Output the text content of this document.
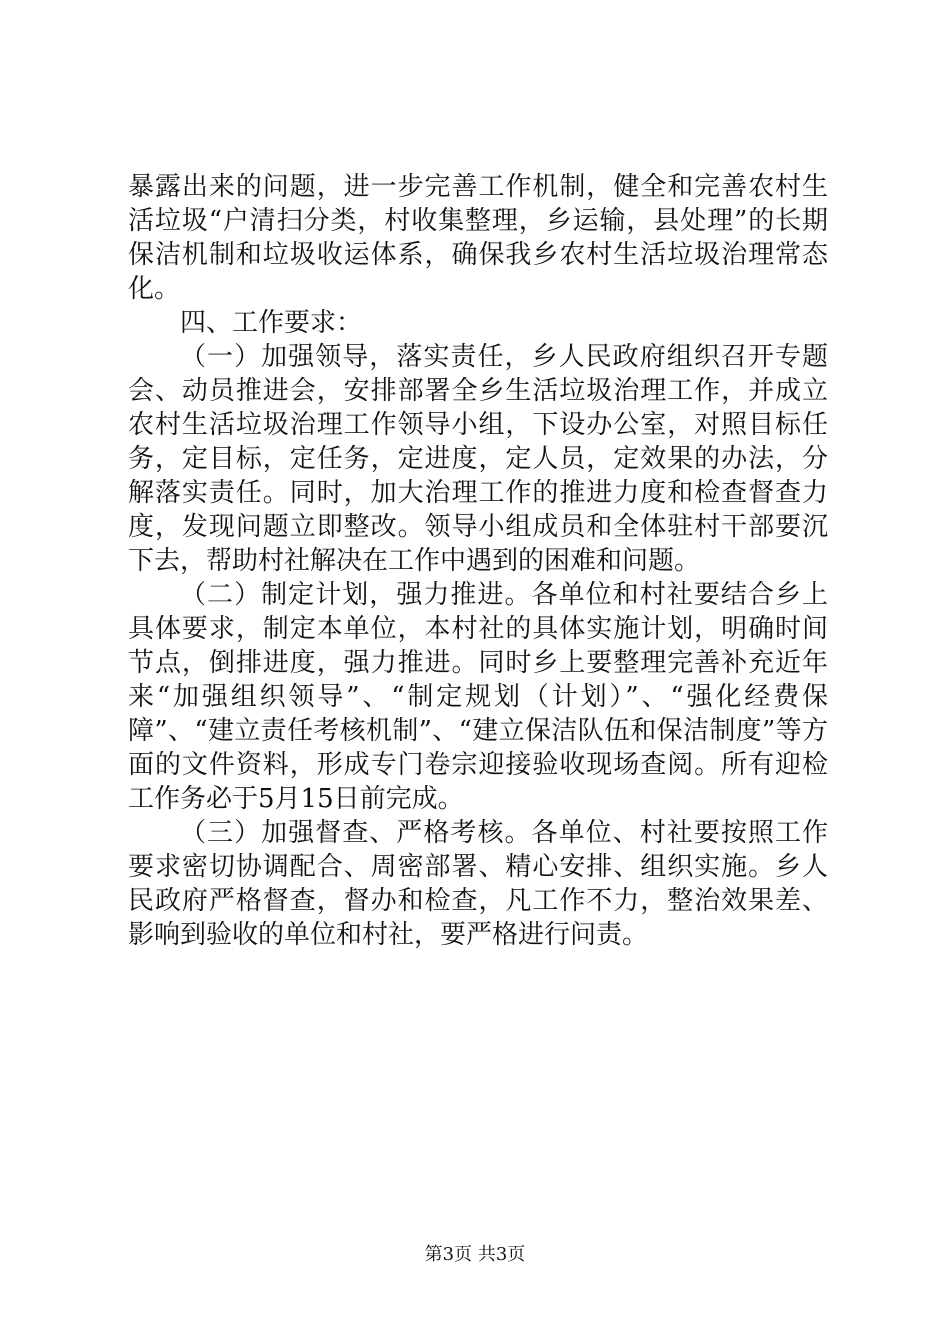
暴露出来的问题，进一步完善工作机制，健全和完善农村生活垃圾“户清扫分类，村收集整理，乡运输，县处理”的长期保洁机制和垃圾收运体系，确保我乡农村生活垃圾治理常态化。

四、工作要求：

（一）加强领导，落实责任，乡人民政府组织召开专题会、动员推进会，安排部署全乡生活垃圾治理工作，并成立农村生活垃圾治理工作领导小组，下设办公室，对照目标任务，定目标，定任务，定进度，定人员，定效果的办法，分解落实责任。同时，加大治理工作的推进力度和检查督查力度，发现问题立即整改。领导小组成员和全体驻村干部要沉下去，帮助村社解决在工作中遇到的困难和问题。

（二）制定计划，强力推进。各单位和村社要结合乡上具体要求，制定本单位，本村社的具体实施计划，明确时间节点，倒排进度，强力推进。同时乡上要整理完善补充近年来“加强组织领导”、“制定规划（计划）”、“强化经费保障”、“建立责任考核机制”、“建立保洁队伍和保洁制度”等方面的文件资料，形成专门卷宗迎接验收现场查阅。所有迎检工作务必于5月15日前完成。

（三）加强督查、严格考核。各单位、村社要按照工作要求密切协调配合、周密部署、精心安排、组织实施。乡人民政府严格督查，督办和检查，凡工作不力，整治效果差、影响到验收的单位和村社，要严格进行问责。

第3页 共3页
